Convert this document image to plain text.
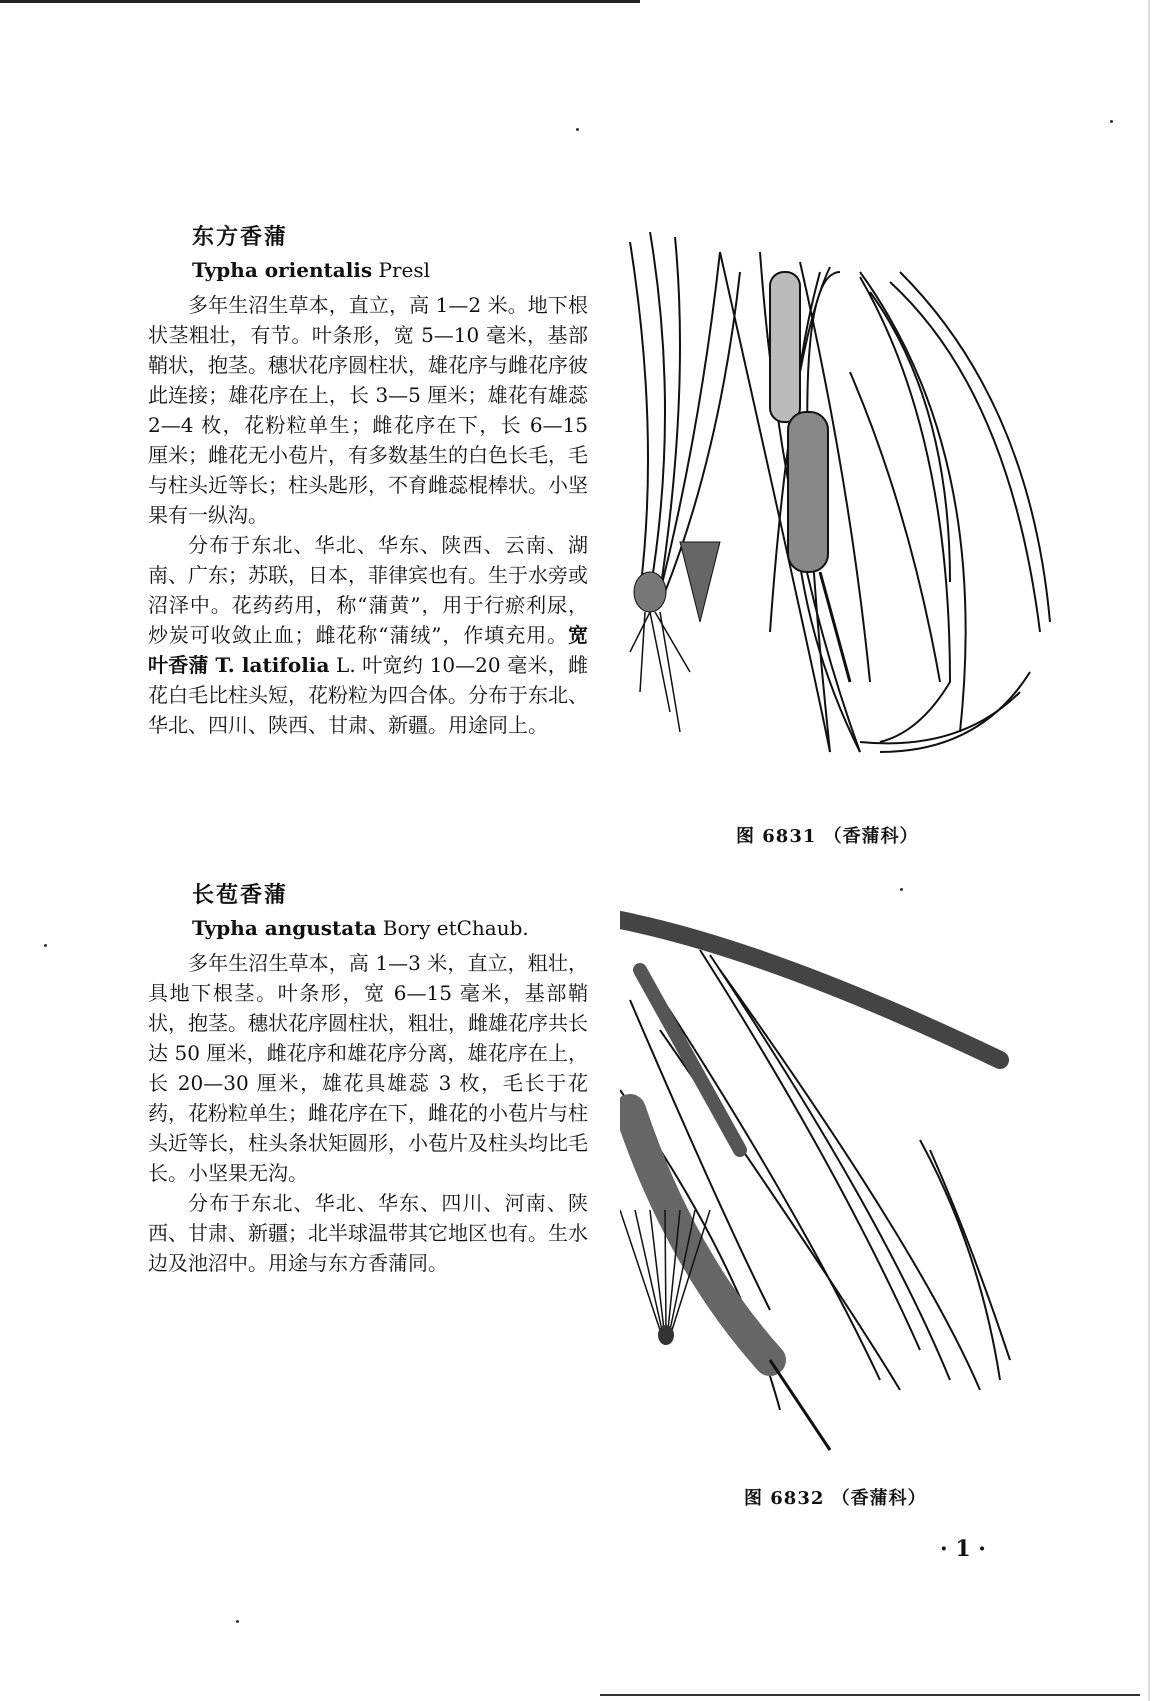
东方香蒲
Typha orientalis Presl

多年生沼生草本，直立，高 1—2 米。地下根状茎粗壮，有节。叶条形，宽 5—10 毫米，基部鞘状，抱茎。穗状花序圆柱状，雄花序与雌花序彼此连接；雄花序在上，长 3—5 厘米；雄花有雄蕊 2—4 枚，花粉粒单生；雌花序在下，长 6—15 厘米；雌花无小苞片，有多数基生的白色长毛，毛与柱头近等长；柱头匙形，不育雌蕊棍棒状。小坚果有一纵沟。

分布于东北、华北、华东、陕西、云南、湖南、广东；苏联，日本，菲律宾也有。生于水旁或沼泽中。花药药用，称“蒲黄”，用于行瘀利尿，炒炭可收敛止血；雌花称“蒲绒”，作填充用。宽叶香蒲 T. latifolia L. 叶宽约 10—20 毫米，雌花白毛比柱头短，花粉粒为四合体。分布于东北、华北、四川、陕西、甘肃、新疆。用途同上。

图 6831 （香蒲科）
长苞香蒲
Typha angustata Bory etChaub.

多年生沼生草本，高 1—3 米，直立，粗壮，具地下根茎。叶条形，宽 6—15 毫米，基部鞘状，抱茎。穗状花序圆柱状，粗壮，雌雄花序共长达 50 厘米，雌花序和雄花序分离，雄花序在上，长 20—30 厘米，雄花具雄蕊 3 枚，毛长于花药，花粉粒单生；雌花序在下，雌花的小苞片与柱头近等长，柱头条状矩圆形，小苞片及柱头均比毛长。小坚果无沟。

分布于东北、华北、华东、四川、河南、陕西、甘肃、新疆；北半球温带其它地区也有。生水边及池沼中。用途与东方香蒲同。

图 6832 （香蒲科）
· 1 ·
